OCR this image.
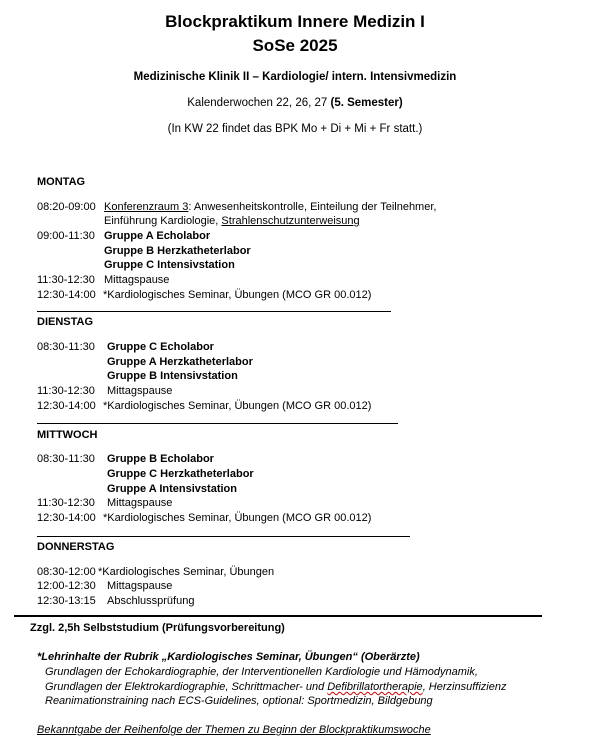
Blockpraktikum Innere Medizin I
SoSe 2025
Medizinische Klinik II – Kardiologie/ intern. Intensivmedizin
Kalenderwochen 22, 26, 27 (5. Semester)
(In KW 22 findet das BPK Mo + Di + Mi + Fr statt.)
MONTAG
08:20-09:00 Konferenzraum 3: Anwesenheitskontrolle, Einteilung der Teilnehmer,
Einführung Kardiologie, Strahlenschutzunterweisung
09:00-11:30 Gruppe A Echolabor
Gruppe B Herzkatheterlabor
Gruppe C Intensivstation
11:30-12:30 Mittagspause
12:30-14:00 *Kardiologisches Seminar, Übungen (MCO GR 00.012)
DIENSTAG
08:30-11:30 Gruppe C Echolabor
Gruppe A Herzkatheterlabor
Gruppe B Intensivstation
11:30-12:30 Mittagspause
12:30-14:00 *Kardiologisches Seminar, Übungen (MCO GR 00.012)
MITTWOCH
08:30-11:30 Gruppe B Echolabor
Gruppe C Herzkatheterlabor
Gruppe A Intensivstation
11:30-12:30 Mittagspause
12:30-14:00 *Kardiologisches Seminar, Übungen (MCO GR 00.012)
DONNERSTAG
08:30-12:00 *Kardiologisches Seminar, Übungen
12:00-12:30 Mittagspause
12:30-13:15 Abschlussprüfung
Zzgl. 2,5h Selbststudium (Prüfungsvorbereitung)
*Lehrinhalte der Rubrik „Kardiologisches Seminar, Übungen“ (Oberärzte)
Grundlagen der Echokardiographie, der Interventionellen Kardiologie und Hämodynamik,
Grundlagen der Elektrokardiographie, Schrittmacher- und Defibrillatortherapie, Herzinsuffizienz
Reanimationstraining nach ECS-Guidelines, optional: Sportmedizin, Bildgebung
Bekanntgabe der Reihenfolge der Themen zu Beginn der Blockpraktikumswoche
